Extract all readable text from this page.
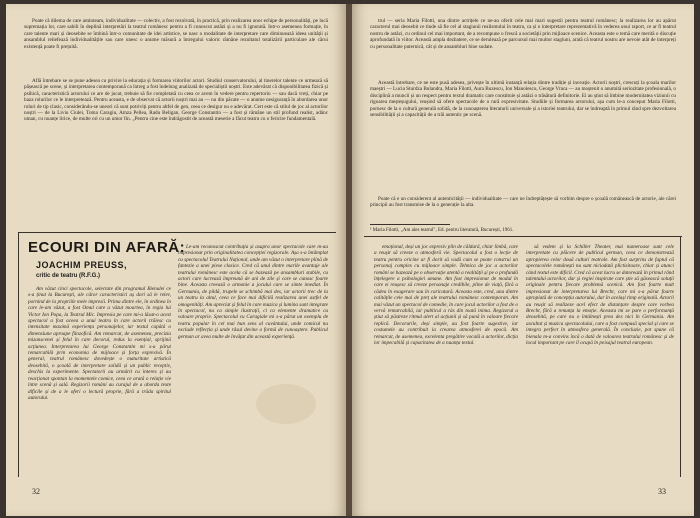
Poate că dilema de care aminteam, individualitate — colectiv, a fost rezolvată, în practică, prin realizarea unor echipe de personalități, pe lucă supremația lor, care sabili în deplină interpretări la teatrul românesc pentru a fi cunoscut astăzi și a nu fi ignorată. Intr-o asemenea formație, în care talente mari și deosebite se îmbină într-o comunitate de idei artistice, se nasc o modalitate de interpretare care diminuează ideea unității și ansamblul reliefează individualitățile sau care unesc o anume măsură a întregului valoric rămâne rezultatul totalizării particulare ale cărui existență poate fi prețuită.

Află întrebare se se pune adesea cu privire la educația și formarea viitorilor actori. Studiul conservatorului, al tinerelor talente ce urmează să pășească pe scene, și interpretarea contemporană ca întreg a fost îndelung analizată de specialiștii noștri. Este adevărat că disponibilitatea fizică și psihică, caracteristică actorului ce are de jucat, trebuie să fie completată cu ceea ce avem în vedere pentru repertoriu — sau dacă vreți, chiar pe baza rolurilor ce le interpretează. Pentru aceasta, e de observat că actorii noștri mai au — nu din păcate — o anume nesiguranță în abordarea unor roluri de tip clasic, considerându-se uneori că sunt potriviți pentru altfel de gen, ceea ce desigur nu e adevărat. Cert este că stilul de joc al actorilor noștri — de la Liviu Ciulei, Toma Caragiu, Amza Pellea, Radu Beligan, George Constantin — a fost și rămâne un stil profund realist, adânc uman, cu nuanțe lirice, de multe ori cu un umor fin. „Pentru cine este îndrăgostit de această meserie a făcut teatru cu o fericire fundamentală.

ECOURI DIN AFARĂ:
JOACHIM PREUSS,
critic de teatru (R.F.G.)

Am văzut cinci spectacole, selectate din programul Bienalei ce s-a ținut la București, ale căror caracteristici aș dori să le relev, pornind de la propriile mele impresii. Prima dintre ele, în ordinea în care le-am văzut, a fost Omul care a văzut moartea, în regia lui Victor Ion Popa, la Teatrul Mic. Impresia pe care mi-a lăsat-o acest spectacol a fost aceea a unui teatru în care actorii trăiesc cu intensitate maximă experiența personajelor, iar textul capătă o dimensiune aproape filozofică. Am remarcat, de asemenea, precizia mizanscenei și felul în care decorul, redus la esențial, sprijină acțiunea. Interpretarea lui George Constantin mi s-a părut remarcabilă prin economia de mijloace și forța expresivă. În general, teatrul românesc dovedește o maturitate artistică deosebită, o școală de interpretare solidă și un public receptiv, deschis la experimente. Spectatorii au urmărit cu interes și au reacționat spontan la momentele comice, ceea ce arată o relație vie între scenă și sală. Regizorii români au curajul de a aborda texte dificile și de a le oferi o lectură proprie, fără a trăda spiritul autorului.

Le-am recunoscut contribuția și asupra unor spectacole care m-au impresionat prin originalitatea concepției regizorale. Așa s-a întâmplat cu spectacolul Teatrului Național, unde am văzut o interpretare plină de fantezie a unei piese clasice. Cred că unul dintre marile avantaje ale teatrului românesc este acela că se bazează pe ansambluri stabile, cu actori care lucrează împreună de ani de zile și care se cunosc foarte bine. Aceasta creează o armonie a jocului care se simte imediat. În Germania, de pildă, trupele se schimbă mai des, iar actorii trec de la un teatru la altul, ceea ce face mai dificilă realizarea unei astfel de omogenități. Am apreciat și felul în care muzica și lumina sunt integrate în spectacol, nu ca simple ilustrații, ci ca elemente dramatice cu valoare proprie. Spectacolul cu Caragiale mi s-a părut un exemplu de teatru popular în cel mai bun sens al cuvântului, unde comicul nu exclude reflecția și unde râsul devine o formă de cunoaștere. Publicul german ar avea multe de învățat din această experiență.

32

trul — seria Maria Filotti, una dintre actrițele ce ne-au oferit cele mai mari sugestii pentru teatrul românesc; la realizarea lor au apărut caracterul mai deosebit ce tinde să fie cel al stagiunii realismului în teatru, ca și o interpretare reprezentativă în vederea unui raport, ce ar fi teatrul nostru de astăzi, cu ordinul cel mai important, de a recompune o frescă a societății prin mijloace scenice. Aceasta este o temă care merită o discuție aprofundată în viitor. Această ampla dezbatere, ce se derulează pe parcursul mai multor stagiuni, arată că teatrul nostru are nevoie atât de interpreți cu personalitate puternică, cât și de ansambluri bine sudate.

Această întrebare, ce ne este pusă adesea, privește în ultimă instanță relația dintre tradiție și inovație. Actorii noștri, crescuți la școala marilor maeștri — Lucia Sturdza Bulandra, Maria Filotti, Aura Buzescu, Ion Manolescu, George Vraca — au moștenit o anumită seriozitate profesională, o disciplină a muncii și un respect pentru textul dramatic care constituie și astăzi o trăsătură definitorie. Ei au știut să îmbine modernitatea viziunii cu rigoarea meșteșugului, reușind să ofere spectacole de o rară expresivitate. Studiile și formarea actorului, așa cum le-a conceput Maria Filotti, pornesc de la o cultură generală solidă, de la cunoașterea literaturii universale și a istoriei teatrului, dar se îndreaptă în primul rând spre dezvoltarea sensibilității și a capacității de a trăi autentic pe scenă.

Poate că e un considerent al autenticității — individualitate — care ne îndreptățește să vorbim despre o școală românească de actorie, ale cărei principii au fost transmise de la o generație la alta.

¹ Maria Filotti, „Am ales teatrul", Ed. pentru literatură, București, 1961.

emoțional, deși un joc expresiv plin de căldură, chiar limbă, care a reușit să creeze o atmosferă vie. Spectacolul a fost o lecție de teatru pentru oricine ar fi dorit să vadă cum se poate construi un personaj complex cu mijloace simple. Tehnica de joc a actorilor români se bazează pe o observație atentă a realității și pe o profundă înțelegere a psihologiei umane. Am fost impresionat de modul în care ei reușesc să creeze personaje credibile, pline de viață, fără a cădea în exagerare sau în caricatură. Aceasta este, cred, una dintre calitățile cele mai de preț ale teatrului românesc contemporan. Am mai văzut un spectacol de comedie, în care jocul actorilor a fost de o vervă remarcabilă, iar publicul a râs din toată inima. Regizorul a știut să păstreze ritmul alert al acțiunii și să pună în valoare fiecare replică. Decorurile, deși simple, au fost foarte sugestive, iar costumele au contribuit la crearea atmosferei de epocă. Am remarcat, de asemenea, excelenta pregătire vocală a actorilor, dicția lor impecabilă și capacitatea de a nuanța textul.

să vedem și la Schiller Theater, mai numeroase sunt cele interpretate cu plăcere de publicul german, ceea ce demonstrează apropierea celor două culturi teatrale. Am fost surprins de faptul că spectacolele românești nu sunt niciodată plictisitoare, chiar și atunci când textul este dificil. Cred că acest lucru se datorează în primul rând talentului actorilor, dar și regiei inspirate care știe să găsească soluții originale pentru fiecare problemă scenică. Am fost foarte mult impresionat de interpretarea lui Brecht, care mi s-a părut foarte apropiată de concepția autorului, dar în același timp originală. Actorii au reușit să realizeze acel efect de distanțare despre care vorbea Brecht, fără a renunța la emoție. Aceasta mi se pare o performanță deosebită, pe care nu o întâlnești prea des nici în Germania. Am ascultat și muzica spectacolului, care a fost compusă special și care se integra perfect în atmosfera generală. În concluzie, pot spune că bienala m-a convins încă o dată de valoarea teatrului românesc și de locul important pe care îl ocupă în peisajul teatral european.

33
